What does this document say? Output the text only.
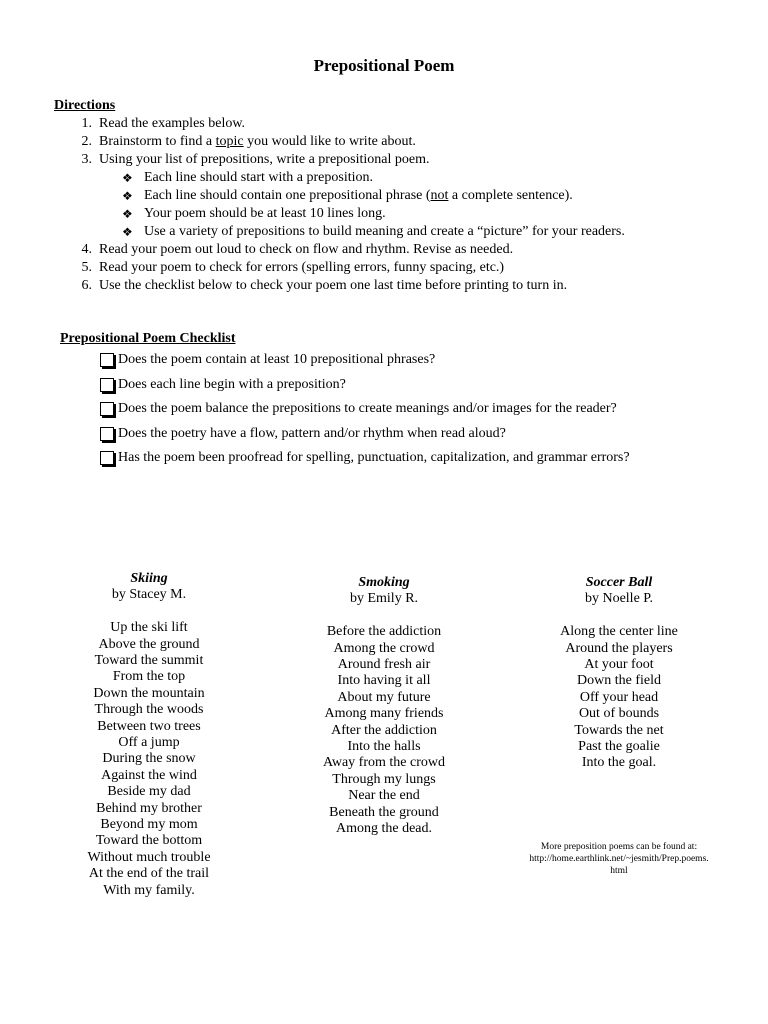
Prepositional Poem
Directions
1 . Read the examples below.
2 . Brainstorm to find a topic you would like to write about.
3 . Using your list of prepositions, write a prepositional poem.
❖ Each line should start with a preposition.
❖ Each line should contain one prepositional phrase (not a complete sentence).
❖ Your poem should be at least 10 lines long.
❖ Use a variety of prepositions to build meaning and create a “picture” for your readers.
4 . Read your poem out loud to check on flow and rhythm. Revise as needed.
5 . Read your poem to check for errors (spelling errors, funny spacing, etc.)
6 . Use the checklist below to check your poem one last time before printing to turn in.
Prepositional Poem Checklist
Does the poem contain at least 10 prepositional phrases?
Does each line begin with a preposition?
Does the poem balance the prepositions to create meanings and/or images for the reader?
Does the poetry have a flow, pattern and/or rhythm when read aloud?
Has the poem been proofread for spelling, punctuation, capitalization, and grammar errors?
Skiing
by Stacey M.
Up the ski lift
Above the ground
Toward the summit
From the top
Down the mountain
Through the woods
Between two trees
Off a jump
During the snow
Against the wind
Beside my dad
Behind my brother
Beyond my mom
Toward the bottom
Without much trouble
At the end of the trail
With my family.
Smoking
by Emily R.
Before the addiction
Among the crowd
Around fresh air
Into having it all
About my future
Among many friends
After the addiction
Into the halls
Away from the crowd
Through my lungs
Near the end
Beneath the ground
Among the dead.
Soccer Ball
by Noelle P.
Along the center line
Around the players
At your foot
Down the field
Off your head
Out of bounds
Towards the net
Past the goalie
Into the goal.
More preposition poems can be found at:
http://home.earthlink.net/~jesmith/Prep.poems.
html
